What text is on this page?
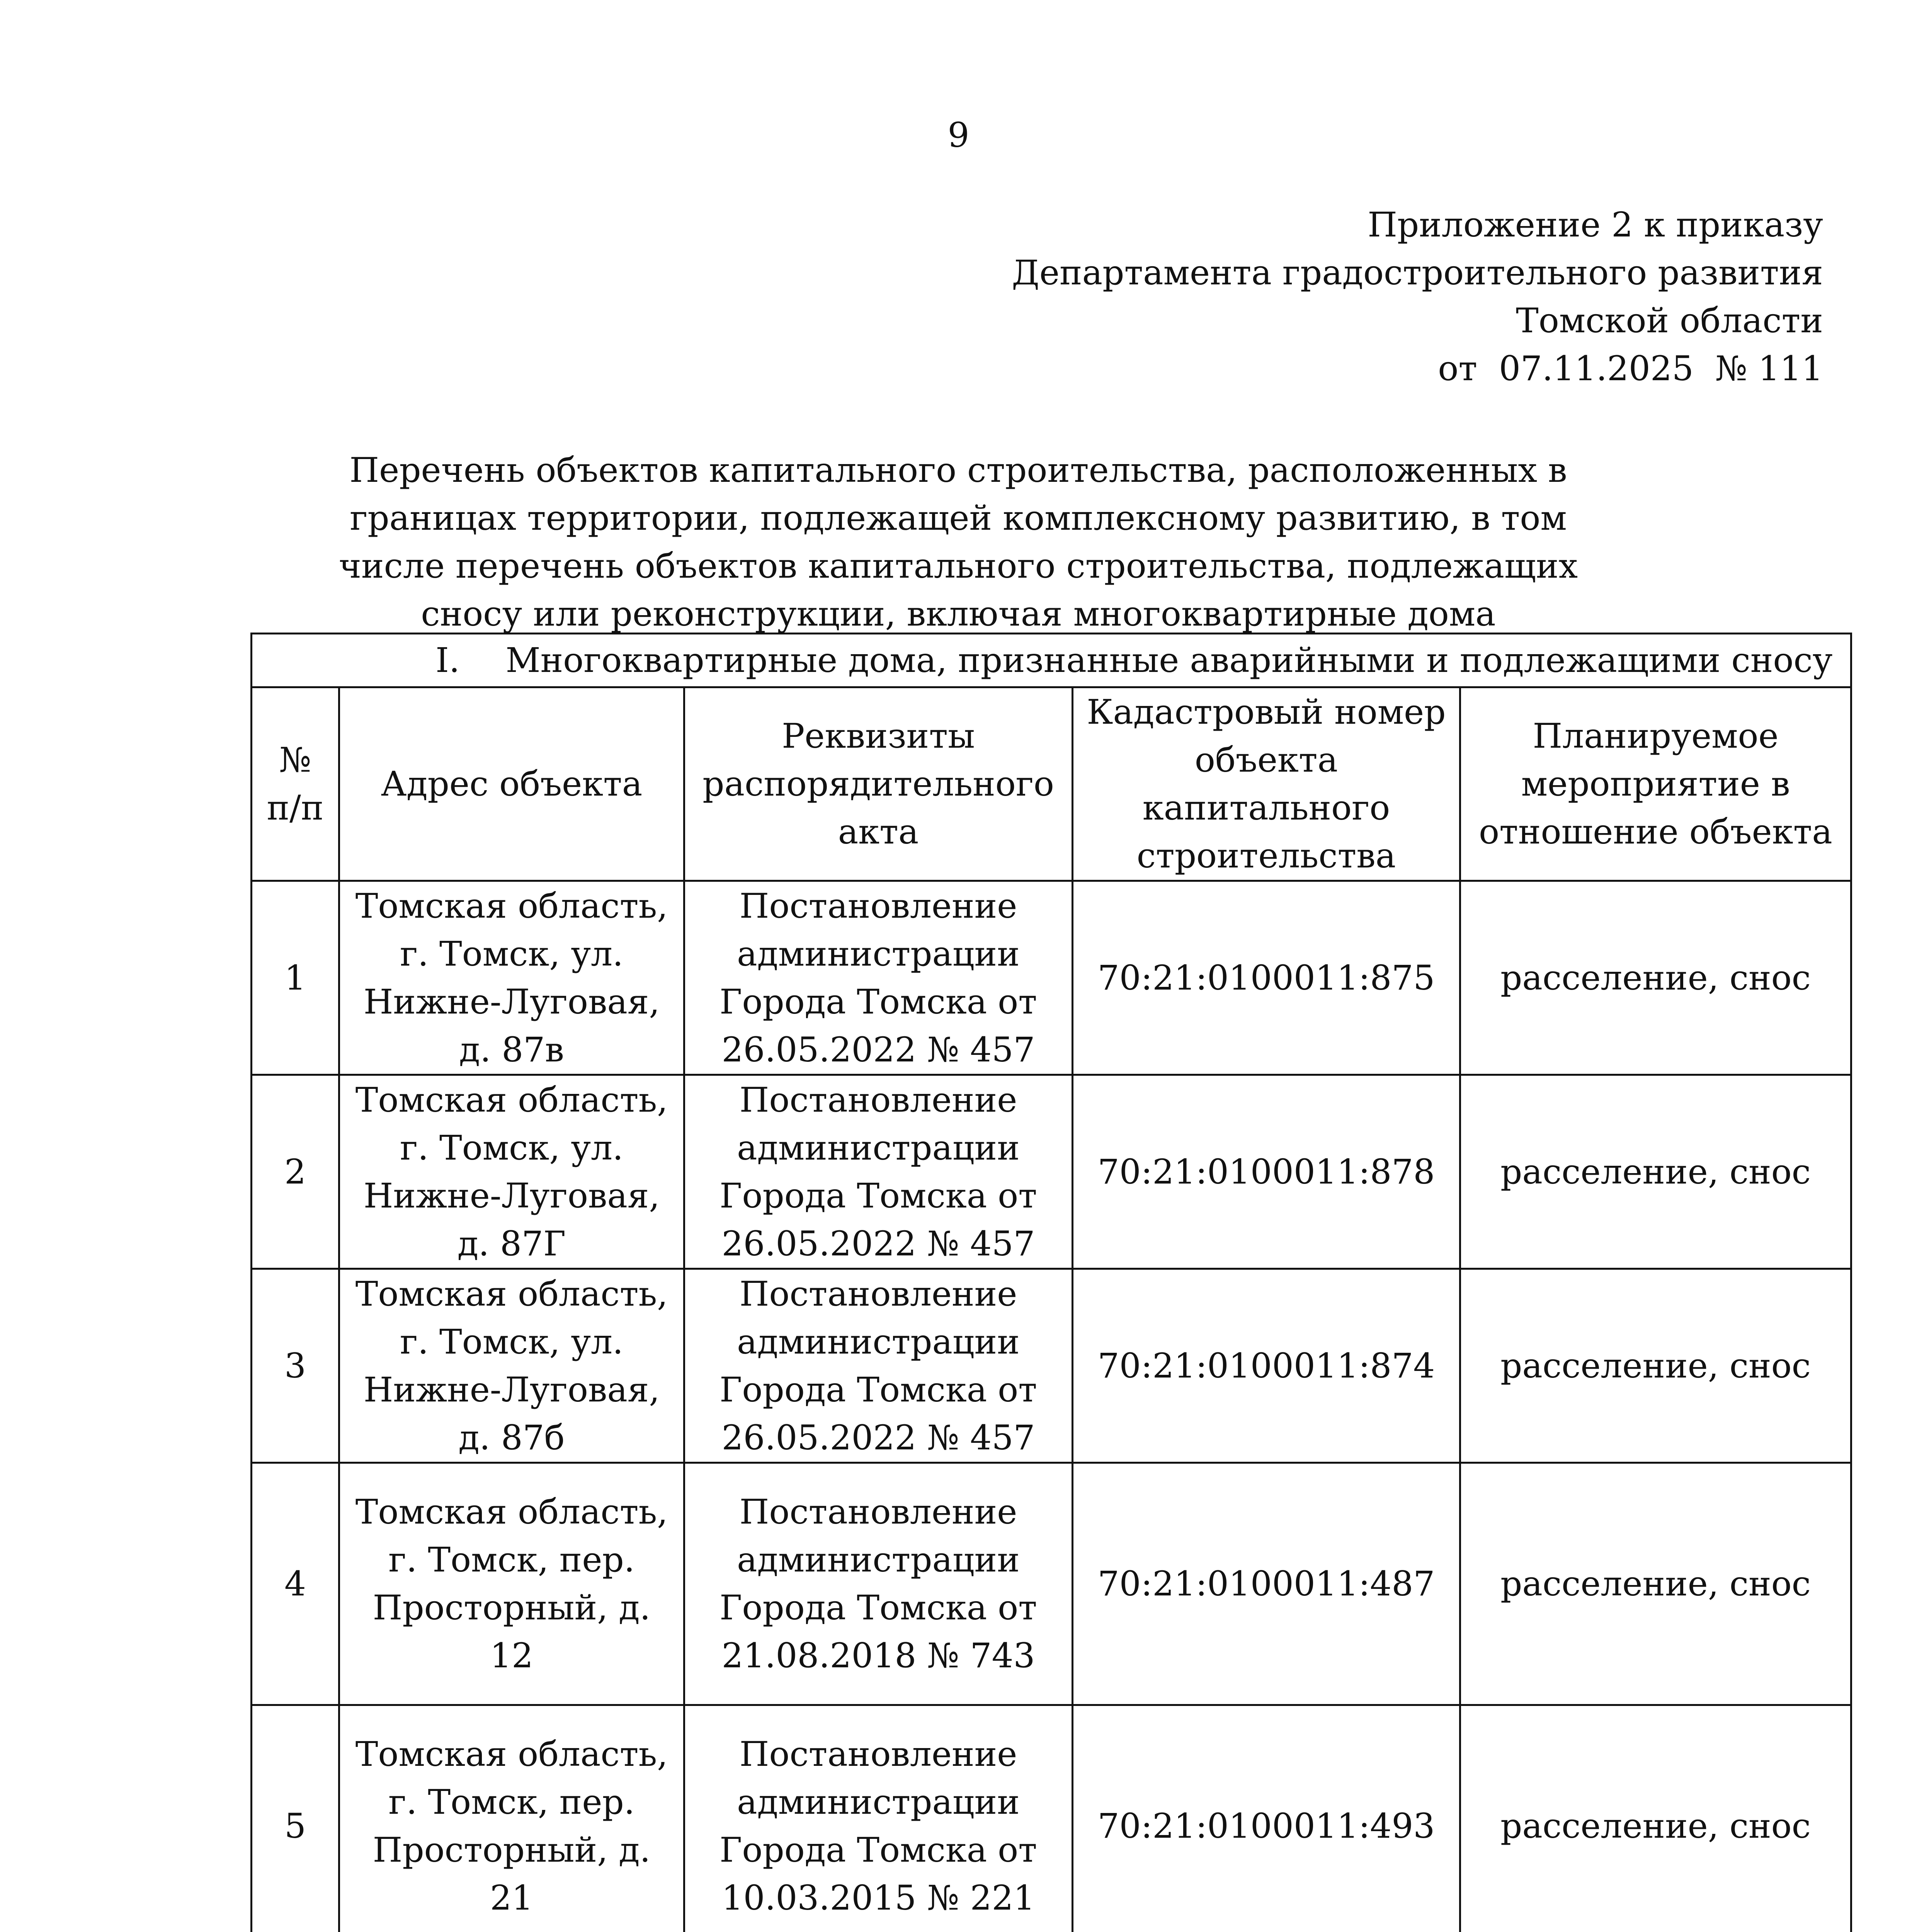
9
Приложение 2 к приказу
Департамента градостроительного развития
Томской области
от  07.11.2025  № 111
Перечень объектов капитального строительства, расположенных в границах территории, подлежащей комплексному развитию, в том числе перечень объектов капитального строительства, подлежащих сносу или реконструкции, включая многоквартирные дома
I. Многоквартирные дома, признанные аварийными и подлежащими сносу				
№ п/п	Адрес объекта	Реквизиты распорядительного акта	Кадастровый номер объекта капитального строительства	Планируемое мероприятие в отношение объекта
1	Томская область, г. Томск, ул. Нижне-Луговая, д. 87в	Постановление администрации Города Томска от 26.05.2022 № 457	70:21:0100011:875	расселение, снос
2	Томская область, г. Томск, ул. Нижне-Луговая, д. 87Г	Постановление администрации Города Томска от 26.05.2022 № 457	70:21:0100011:878	расселение, снос
3	Томская область, г. Томск, ул. Нижне-Луговая, д. 87б	Постановление администрации Города Томска от 26.05.2022 № 457	70:21:0100011:874	расселение, снос
4	Томская область, г. Томск, пер. Просторный, д. 12	Постановление администрации Города Томска от 21.08.2018 № 743	70:21:0100011:487	расселение, снос
5	Томская область, г. Томск, пер. Просторный, д. 21	Постановление администрации Города Томска от 10.03.2015 № 221	70:21:0100011:493	расселение, снос
